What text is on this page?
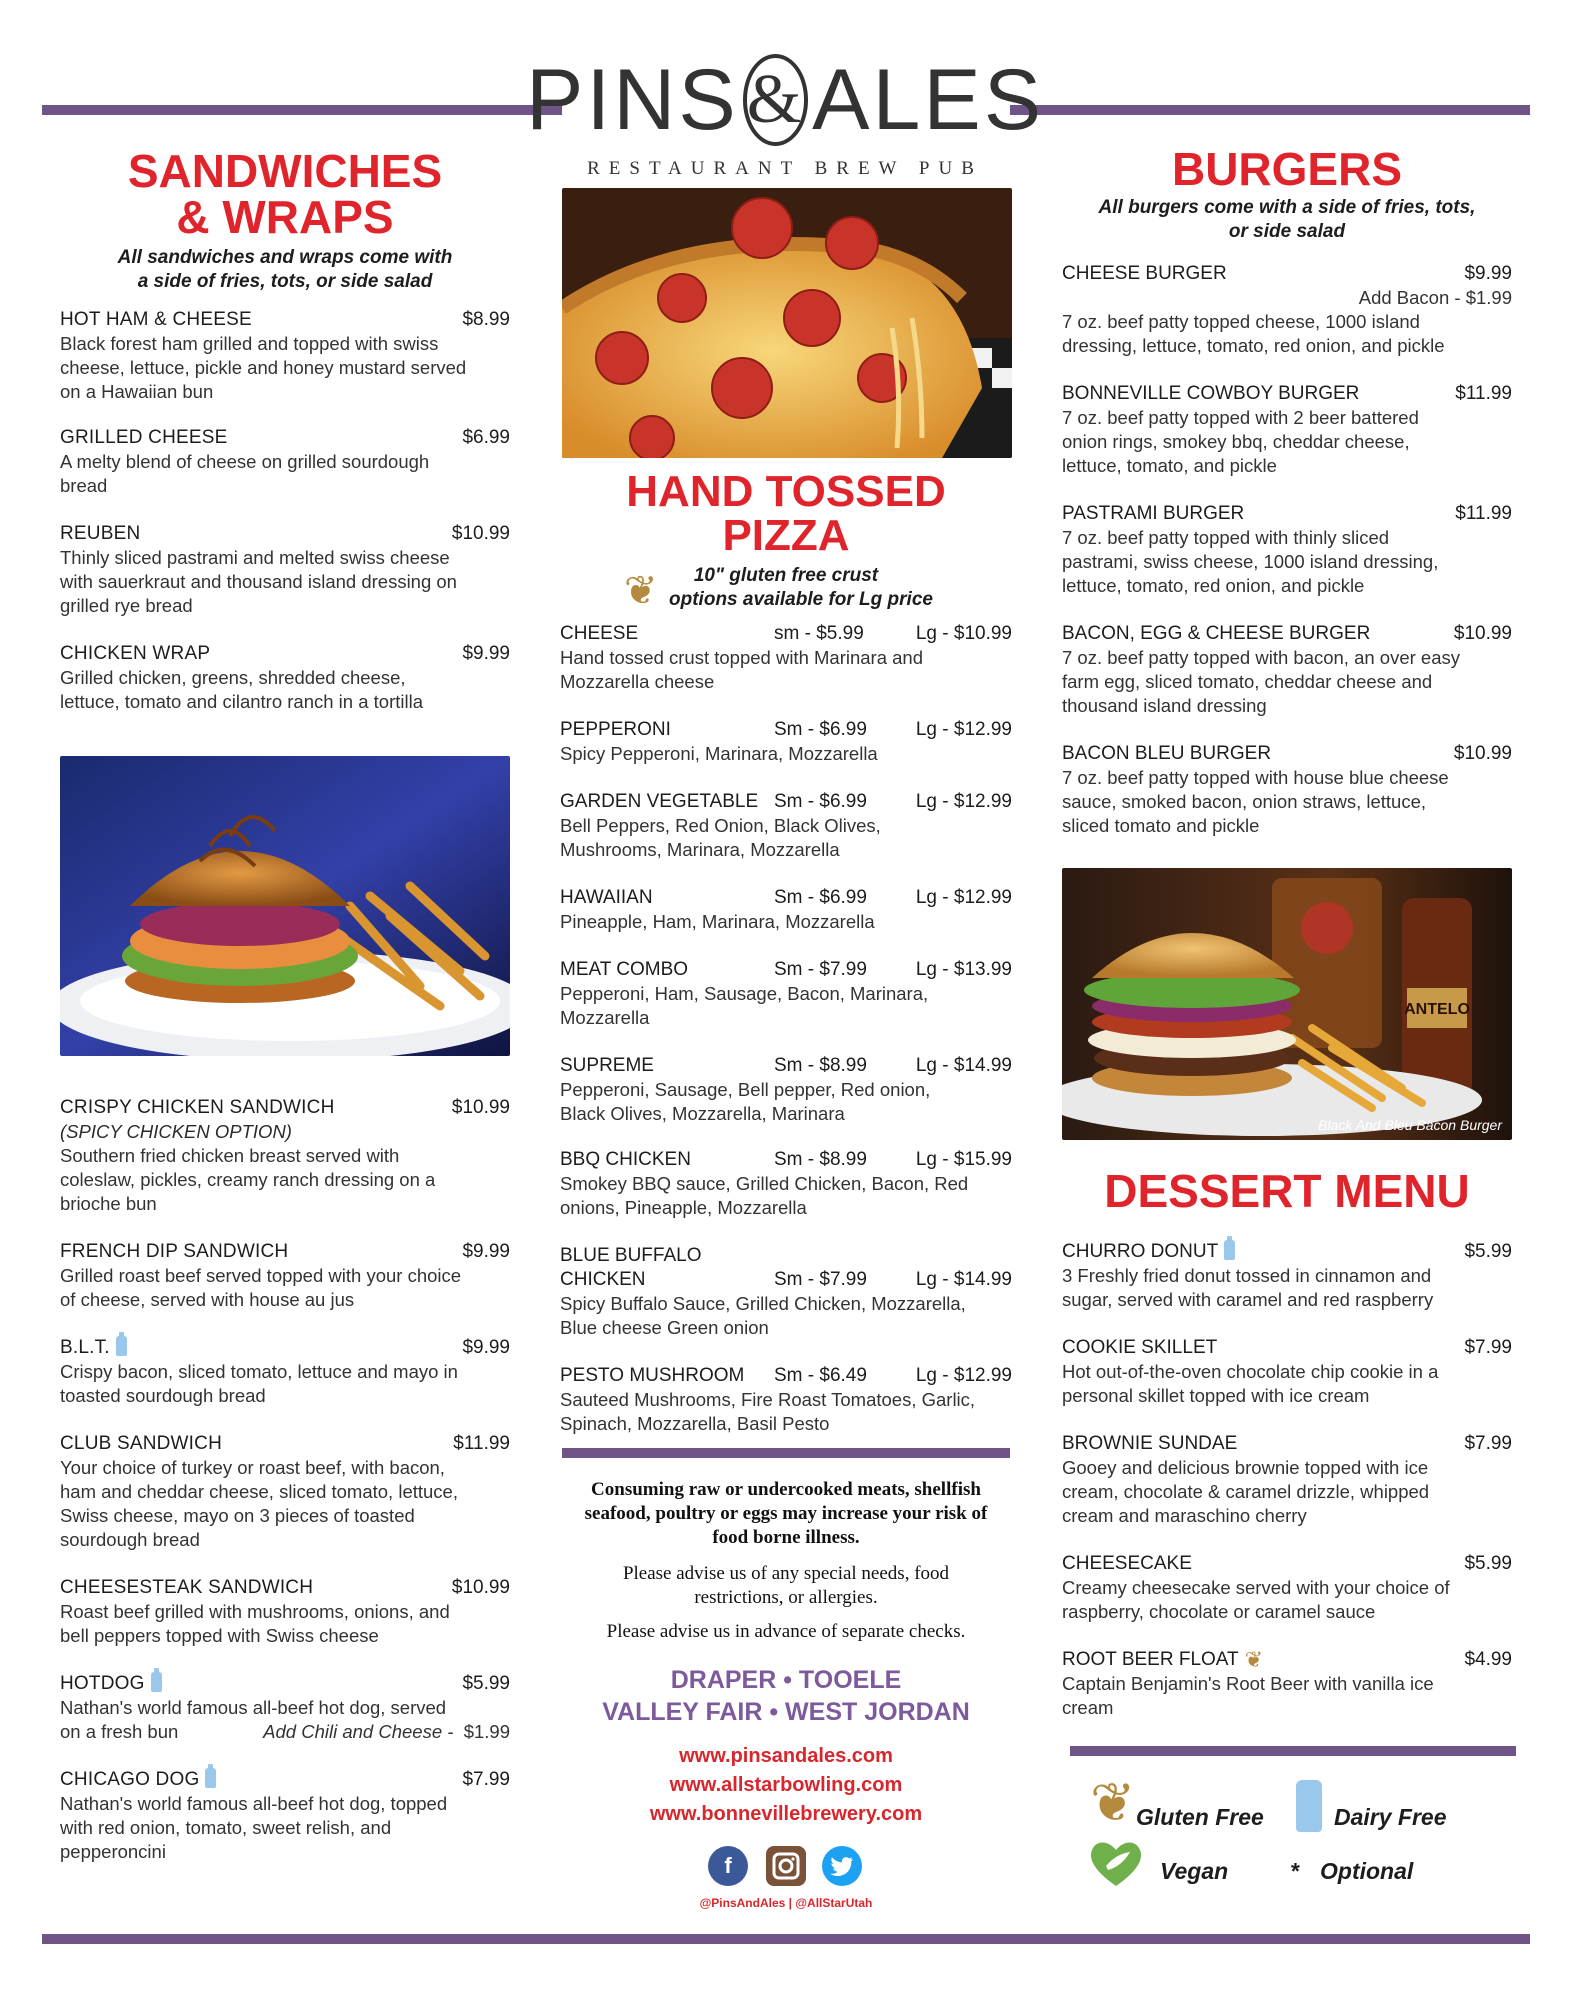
PINS & ALES
RESTAURANT BREW PUB
SANDWICHES
& WRAPS
All sandwiches and wraps come with
a side of fries, tots, or side salad
HOT HAM & CHEESE	$8.99
Black forest ham grilled and topped with swiss
cheese, lettuce, pickle and honey mustard served
on a Hawaiian bun
GRILLED CHEESE	$6.99
A melty blend of cheese on grilled sourdough
bread
REUBEN	$10.99
Thinly sliced pastrami and melted swiss cheese
with sauerkraut and thousand island dressing on
grilled rye bread
CHICKEN WRAP	$9.99
Grilled chicken, greens, shredded cheese,
lettuce, tomato and cilantro ranch in a tortilla
CRISPY CHICKEN SANDWICH	$10.99
(SPICY CHICKEN OPTION)
Southern fried chicken breast served with
coleslaw, pickles, creamy ranch dressing on a
brioche bun
FRENCH DIP SANDWICH	$9.99
Grilled roast beef served topped with your choice
of cheese, served with house au jus
B.L.T.	$9.99
Crispy bacon, sliced tomato, lettuce and mayo in
toasted sourdough bread
CLUB SANDWICH	$11.99
Your choice of turkey or roast beef, with bacon,
ham and cheddar cheese, sliced tomato, lettuce,
Swiss cheese, mayo on 3 pieces of toasted
sourdough bread
CHEESESTEAK SANDWICH	$10.99
Roast beef grilled with mushrooms, onions, and
bell peppers topped with Swiss cheese
HOTDOG	$5.99
Nathan's world famous all-beef hot dog, served
on a fresh bun	Add Chili and Cheese - $1.99
CHICAGO DOG	$7.99
Nathan's world famous all-beef hot dog, topped
with red onion, tomato, sweet relish, and
pepperoncini
HAND TOSSED
PIZZA
❦	10" gluten free crust
options available for Lg price
CHEESE	sm - $5.99	Lg - $10.99
Hand tossed crust topped with Marinara and
Mozzarella cheese
PEPPERONI	Sm - $6.99	Lg - $12.99
Spicy Pepperoni, Marinara, Mozzarella
GARDEN VEGETABLE Sm - $6.99	Lg - $12.99
Bell Peppers, Red Onion, Black Olives,
Mushrooms, Marinara, Mozzarella
HAWAIIAN	Sm - $6.99	Lg - $12.99
Pineapple, Ham, Marinara, Mozzarella
MEAT COMBO	Sm - $7.99	Lg - $13.99
Pepperoni, Ham, Sausage, Bacon, Marinara,
Mozzarella
SUPREME	Sm - $8.99	Lg - $14.99
Pepperoni, Sausage, Bell pepper, Red onion,
Black Olives, Mozzarella, Marinara
BBQ CHICKEN	Sm - $8.99	Lg - $15.99
Smokey BBQ sauce, Grilled Chicken, Bacon, Red
onions, Pineapple, Mozzarella
BLUE BUFFALO
CHICKEN	Sm - $7.99	Lg - $14.99
Spicy Buffalo Sauce, Grilled Chicken, Mozzarella,
Blue cheese Green onion
PESTO MUSHROOM Sm - $6.49	Lg - $12.99
Sauteed Mushrooms, Fire Roast Tomatoes, Garlic,
Spinach, Mozzarella, Basil Pesto
Consuming raw or undercooked meats, shellfish
seafood, poultry or eggs may increase your risk of
food borne illness.
Please advise us of any special needs, food
restrictions, or allergies.
Please advise us in advance of separate checks.
DRAPER • TOOELE
VALLEY FAIR • WEST JORDAN
www.pinsandales.com
www.allstarbowling.com
www.bonnevillebrewery.com
f
@PinsAndAles | @AllStarUtah
BURGERS
All burgers come with a side of fries, tots,
or side salad
CHEESE BURGER	$9.99
Add Bacon - $1.99
7 oz. beef patty topped cheese, 1000 island
dressing, lettuce, tomato, red onion, and pickle
BONNEVILLE COWBOY BURGER	$11.99
7 oz. beef patty topped with 2 beer battered
onion rings, smokey bbq, cheddar cheese,
lettuce, tomato, and pickle
PASTRAMI BURGER	$11.99
7 oz. beef patty topped with thinly sliced
pastrami, swiss cheese, 1000 island dressing,
lettuce, tomato, red onion, and pickle
BACON, EGG & CHEESE BURGER	$10.99
7 oz. beef patty topped with bacon, an over easy
farm egg, sliced tomato, cheddar cheese and
thousand island dressing
BACON BLEU BURGER	$10.99
7 oz. beef patty topped with house blue cheese
sauce, smoked bacon, onion straws, lettuce,
sliced tomato and pickle
ANTELO
Black And Bleu Bacon Burger
DESSERT MENU
CHURRO DONUT	$5.99
3 Freshly fried donut tossed in cinnamon and
sugar, served with caramel and red raspberry
COOKIE SKILLET	$7.99
Hot out-of-the-oven chocolate chip cookie in a
personal skillet topped with ice cream
BROWNIE SUNDAE	$7.99
Gooey and delicious brownie topped with ice
cream, chocolate & caramel drizzle, whipped
cream and maraschino cherry
CHEESECAKE	$5.99
Creamy cheesecake served with your choice of
raspberry, chocolate or caramel sauce
ROOT BEER FLOAT ❦	$4.99
Captain Benjamin's Root Beer with vanilla ice
cream
❦ Gluten Free	Dairy Free
Vegan	* Optional
